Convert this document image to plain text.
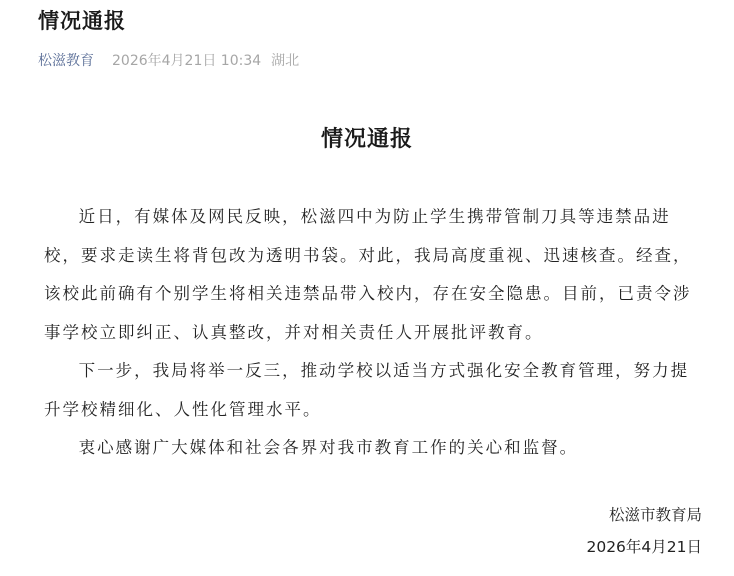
情况通报
松滋教育 2026年4月21日 10:34 湖北
情况通报

近日，有媒体及网民反映，松滋四中为防止学生携带管制刀具等违禁品进校，要求走读生将背包改为透明书袋。对此，我局高度重视、迅速核查。经查，该校此前确有个别学生将相关违禁品带入校内，存在安全隐患。目前，已责令涉事学校立即纠正、认真整改，并对相关责任人开展批评教育。

下一步，我局将举一反三，推动学校以适当方式强化安全教育管理，努力提升学校精细化、人性化管理水平。

衷心感谢广大媒体和社会各界对我市教育工作的关心和监督。

松滋市教育局
2026年4月21日
